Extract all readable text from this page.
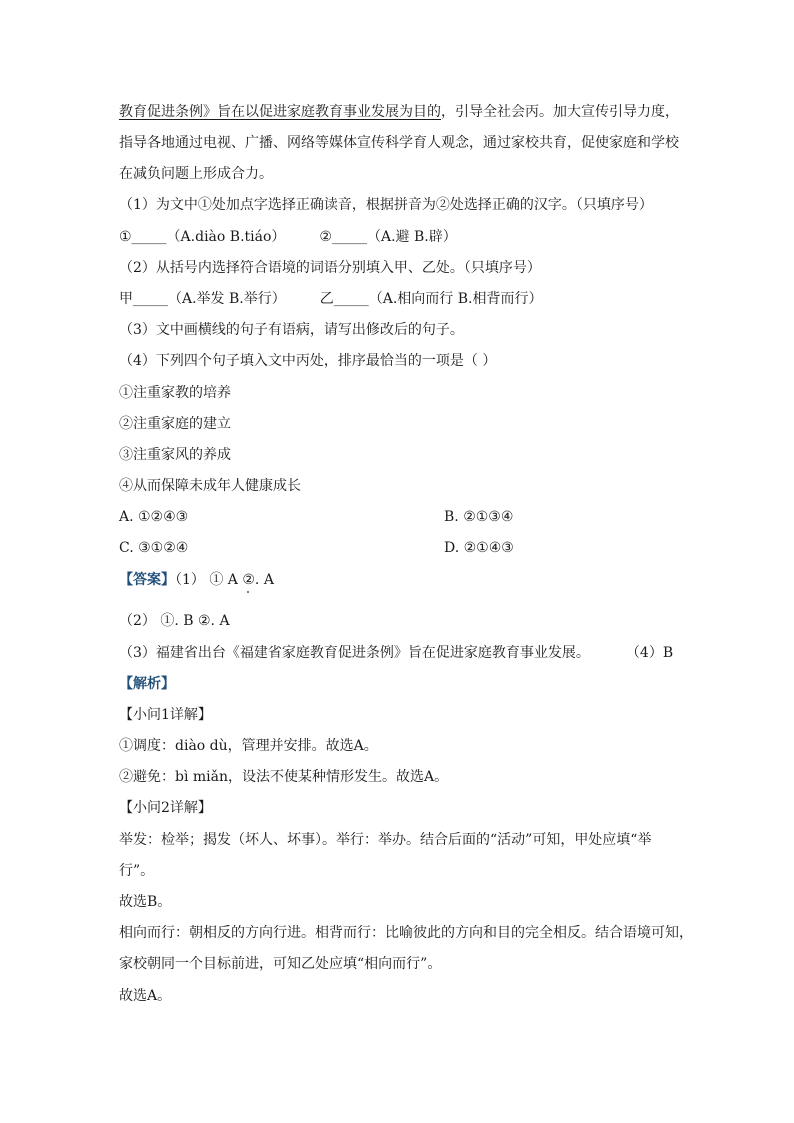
教育促进条例》旨在以促进家庭教育事业发展为目的，引导全社会丙。加大宣传引导力度，
指导各地通过电视、广播、网络等媒体宣传科学育人观念，通过家校共育，促使家庭和学校
在减负问题上形成合力。
（1）为文中①处加点字选择正确读音，根据拼音为②处选择正确的汉字。（只填序号）
①_____（A.diào B.tiáo） ②_____（A.避 B.辟）
（2）从括号内选择符合语境的词语分别填入甲、乙处。（只填序号）
甲_____（A.举发 B.举行） 乙_____（A.相向而行 B.相背而行）
（3）文中画横线的句子有语病，请写出修改后的句子。
（4）下列四个句子填入文中丙处，排序最恰当的一项是（ ）
①注重家教的培养
②注重家庭的建立
③注重家风的养成
④从而保障未成年人健康成长
A. ①②④③	B. ②①③④
C. ③①②④	D. ②①④③
【答案】（1） ① A ②. A
（2） ①. B ②. A
（3）福建省出台《福建省家庭教育促进条例》旨在促进家庭教育事业发展。	（4）B
【解析】
【小问1详解】
①调度：diào dù，管理并安排。故选A。
②避免：bì miǎn，设法不使某种情形发生。故选A。
【小问2详解】
举发：检举；揭发（坏人、坏事）。举行：举办。结合后面的“活动”可知，甲处应填“举
行”。
故选B。
相向而行：朝相反的方向行进。相背而行：比喻彼此的方向和目的完全相反。结合语境可知，
家校朝同一个目标前进，可知乙处应填“相向而行”。
故选A。
